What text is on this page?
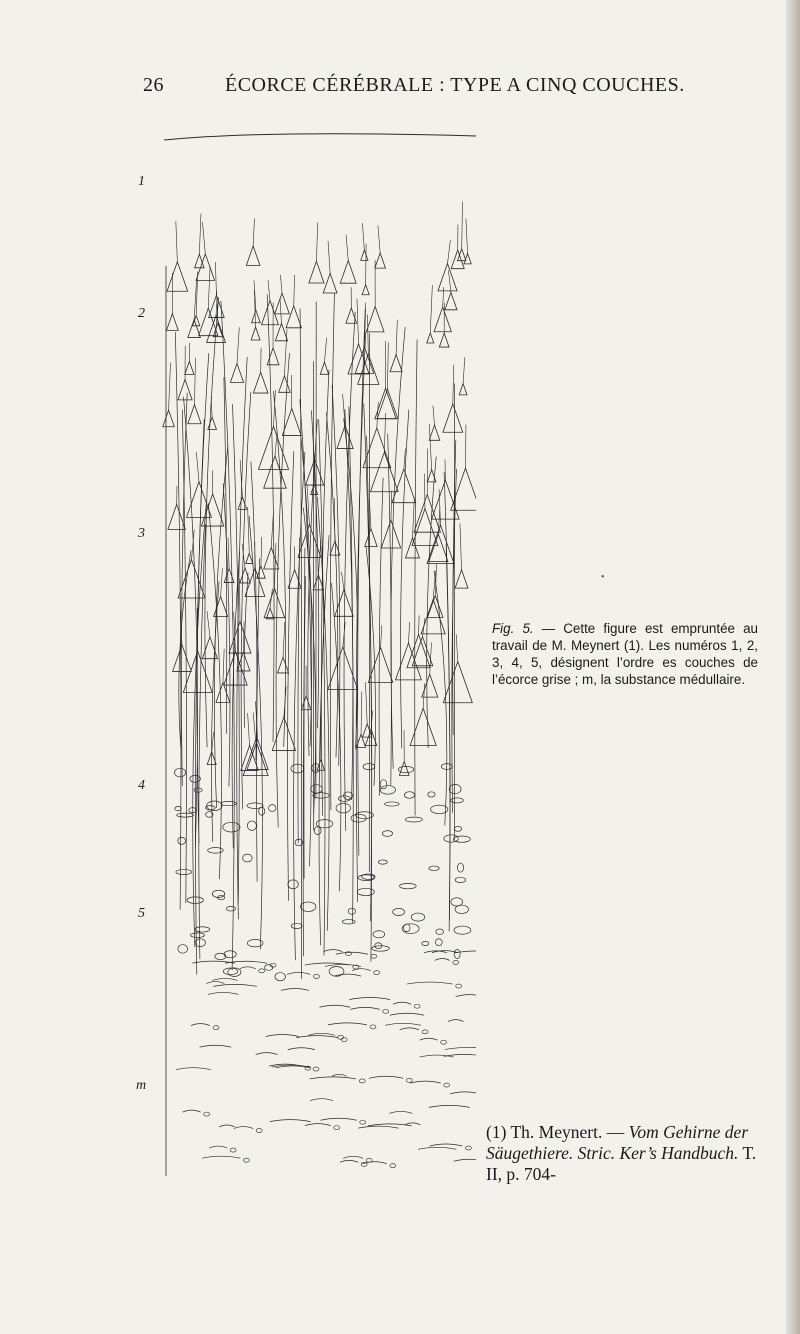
26	ÉCORCE CÉRÉBRALE : TYPE A CINQ COUCHES.
1
2
3
4
5
m
•
Fig. 5. — Cette figure est empruntée au travail de M. Meynert (1). Les numéros 1, 2, 3, 4, 5, désignent l’ordre es couches de l’écorce grise ; m, la substance médullaire.
(1) Th. Meynert. — Vom Gehirne der Säugethiere. Stric. Ker’s Handbuch. T. II, p. 704-
